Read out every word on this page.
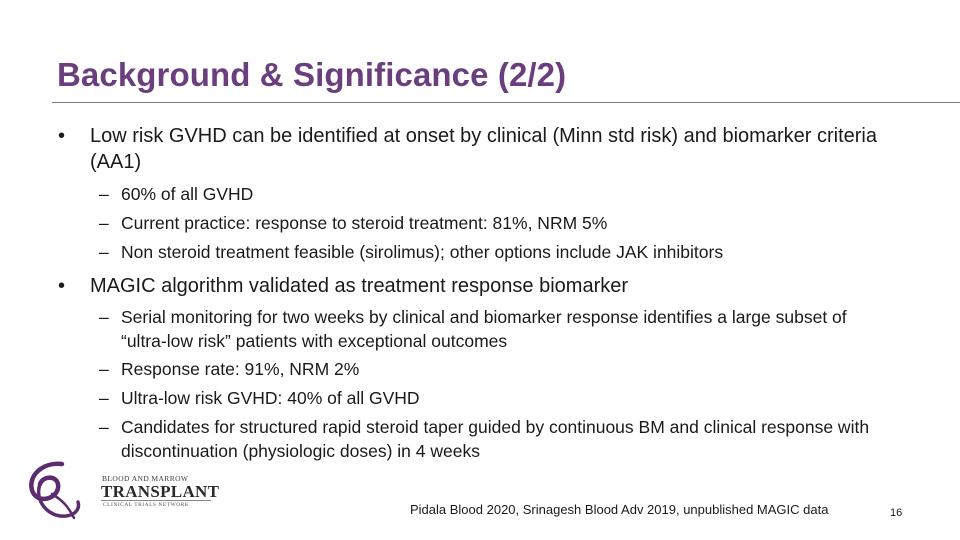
Background & Significance (2/2)
•	Low risk GVHD can be identified at onset by clinical (Minn std risk) and biomarker criteria (AA1)
– 60% of all GVHD
– Current practice: response to steroid treatment: 81%, NRM 5%
– Non steroid treatment feasible (sirolimus); other options include JAK inhibitors
•	MAGIC algorithm validated as treatment response biomarker
– Serial monitoring for two weeks by clinical and biomarker response identifies a large subset of “ultra-low risk” patients with exceptional outcomes
– Response rate: 91%, NRM 2%
– Ultra-low risk GVHD: 40% of all GVHD
– Candidates for structured rapid steroid taper guided by continuous BM and clinical response with discontinuation (physiologic doses) in 4 weeks
BLOOD AND MARROW
TRANSPLANT
CLINICAL TRIALS NETWORK	Pidala Blood 2020, Srinagesh Blood Adv 2019, unpublished MAGIC data	16
